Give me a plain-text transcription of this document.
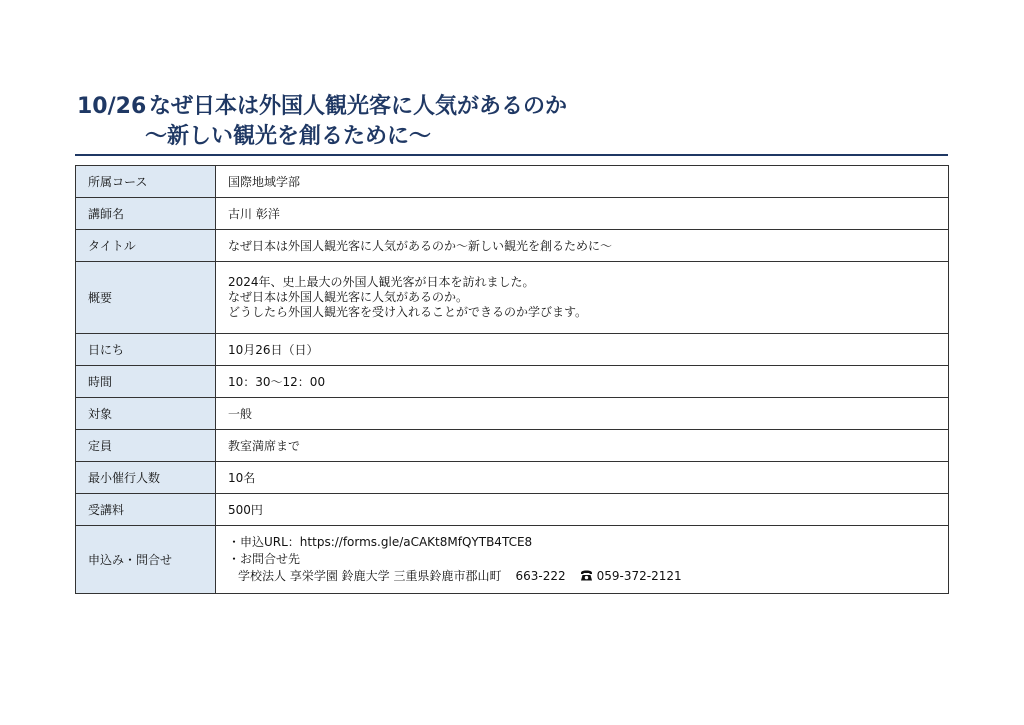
10/26 なぜ日本は外国人観光客に人気があるのか
〜新しい観光を創るために〜
所属コース	国際地域学部
講師名	古川 彰洋
タイトル	なぜ日本は外国人観光客に人気があるのか〜新しい観光を創るために〜
概要	2024年、史上最大の外国人観光客が日本を訪れました。
なぜ日本は外国人観光客に人気があるのか。
どうしたら外国人観光客を受け入れることができるのか学びます。

日にち	10月26日（日）
時間	10：30〜12：00
対象	一般
定員	教室満席まで
最小催行人数	10名
受講料	500円
申込み・問合せ	・申込URL：https://forms.gle/aCAKt8MfQYTB4TCE8
・お問合せ先
学校法人 享栄学園 鈴鹿大学 三重県鈴鹿市郡山町 663-222 059-372-2121
